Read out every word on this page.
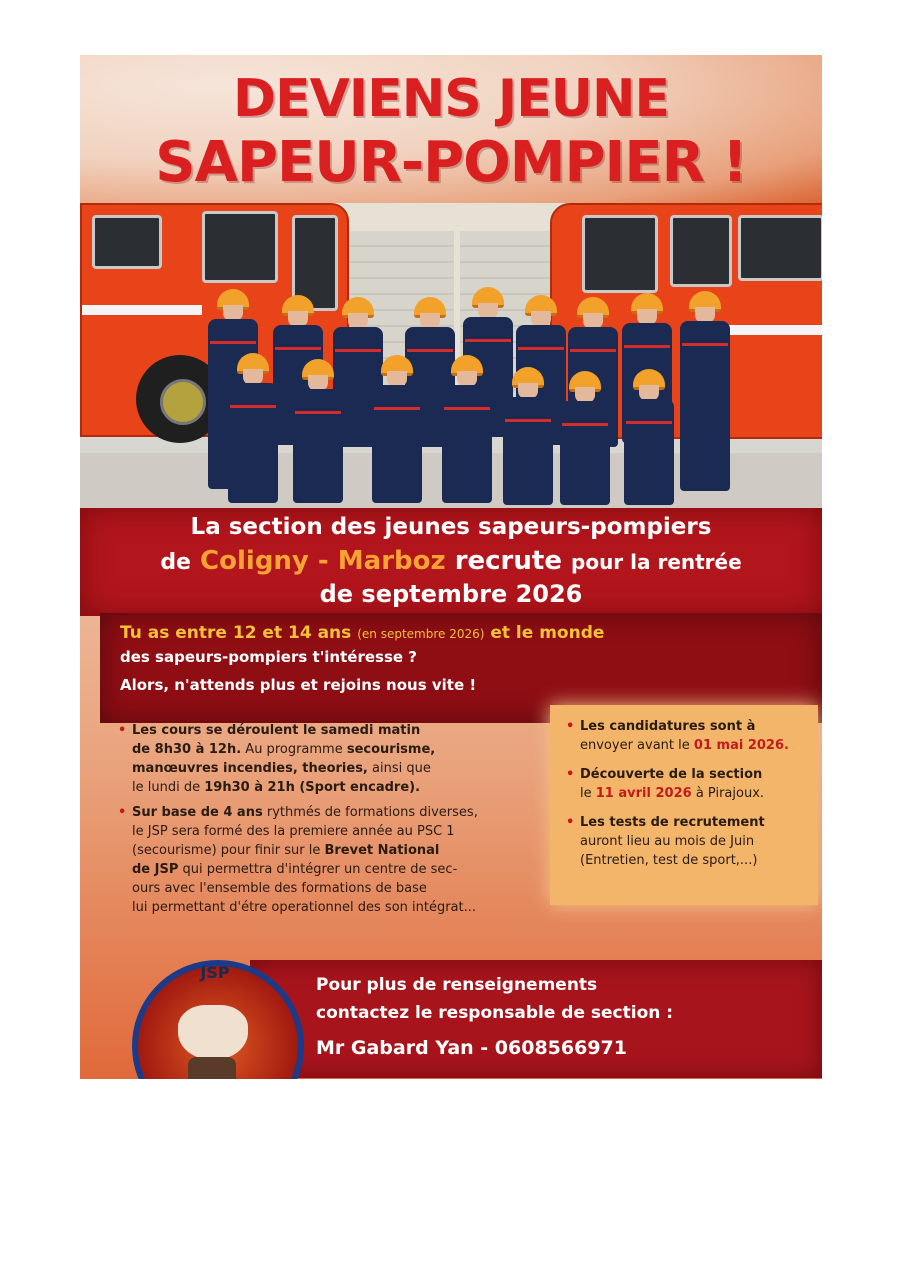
DEVIENS JEUNE
SAPEUR-POMPIER !
La section des jeunes sapeurs-pompiers
de Coligny - Marboz recrute pour la rentrée
de septembre 2026
Tu as entre 12 et 14 ans (en septembre 2026) et le monde
des sapeurs-pompiers t'intéresse ?
Alors, n'attends plus et rejoins nous vite !
• Les cours se déroulent le samedi matin
de 8h30 à 12h. Au programme secourisme,
manœuvres incendies, theories, ainsi que
le lundi de 19h30 à 21h (Sport encadre).
• Sur base de 4 ans rythmés de formations diverses,
le JSP sera formé des la premiere année au PSC 1
(secourisme) pour finir sur le Brevet National
de JSP qui permettra d'intégrer un centre de sec-
ours avec l'ensemble des formations de base
lui permettant d'étre operationnel des son intégrat...
• Les candidatures sont à
envoyer avant le 01 mai 2026.
• Découverte de la section
le 11 avril 2026 à Pirajoux.
• Les tests de recrutement
auront lieu au mois de Juin
(Entretien, test de sport,...)
Pour plus de renseignements
contactez le responsable de section :
Mr Gabard Yan - 0608566971
JSP
